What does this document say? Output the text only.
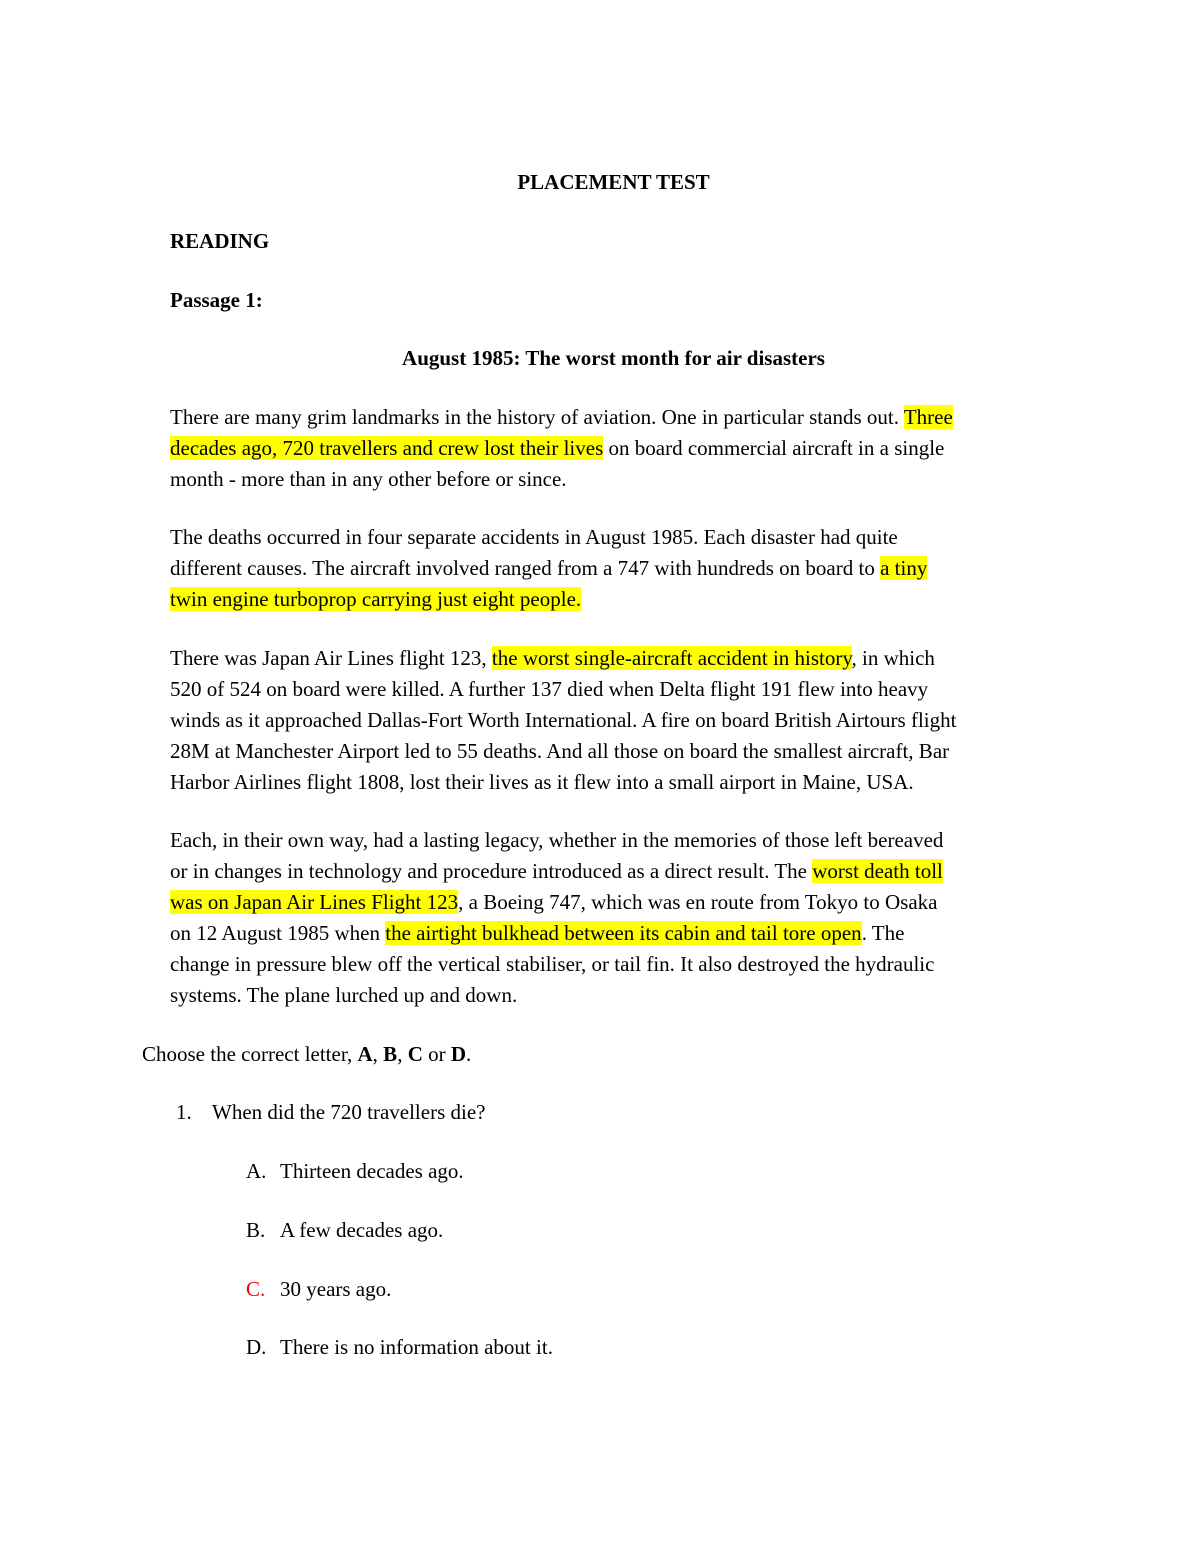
PLACEMENT TEST
READING
Passage 1:
August 1985: The worst month for air disasters
There are many grim landmarks in the history of aviation. One in particular stands out. Three
decades ago, 720 travellers and crew lost their lives on board commercial aircraft in a single
month - more than in any other before or since.
The deaths occurred in four separate accidents in August 1985. Each disaster had quite
different causes. The aircraft involved ranged from a 747 with hundreds on board to a tiny
twin engine turboprop carrying just eight people.
There was Japan Air Lines flight 123, the worst single-aircraft accident in history, in which
520 of 524 on board were killed. A further 137 died when Delta flight 191 flew into heavy
winds as it approached Dallas-Fort Worth International. A fire on board British Airtours flight
28M at Manchester Airport led to 55 deaths. And all those on board the smallest aircraft, Bar
Harbor Airlines flight 1808, lost their lives as it flew into a small airport in Maine, USA.
Each, in their own way, had a lasting legacy, whether in the memories of those left bereaved
or in changes in technology and procedure introduced as a direct result. The worst death toll
was on Japan Air Lines Flight 123, a Boeing 747, which was en route from Tokyo to Osaka
on 12 August 1985 when the airtight bulkhead between its cabin and tail tore open. The
change in pressure blew off the vertical stabiliser, or tail fin. It also destroyed the hydraulic
systems. The plane lurched up and down.
Choose the correct letter, A, B, C or D.
1. When did the 720 travellers die?
A. Thirteen decades ago.
B. A few decades ago.
C. 30 years ago.
D. There is no information about it.
